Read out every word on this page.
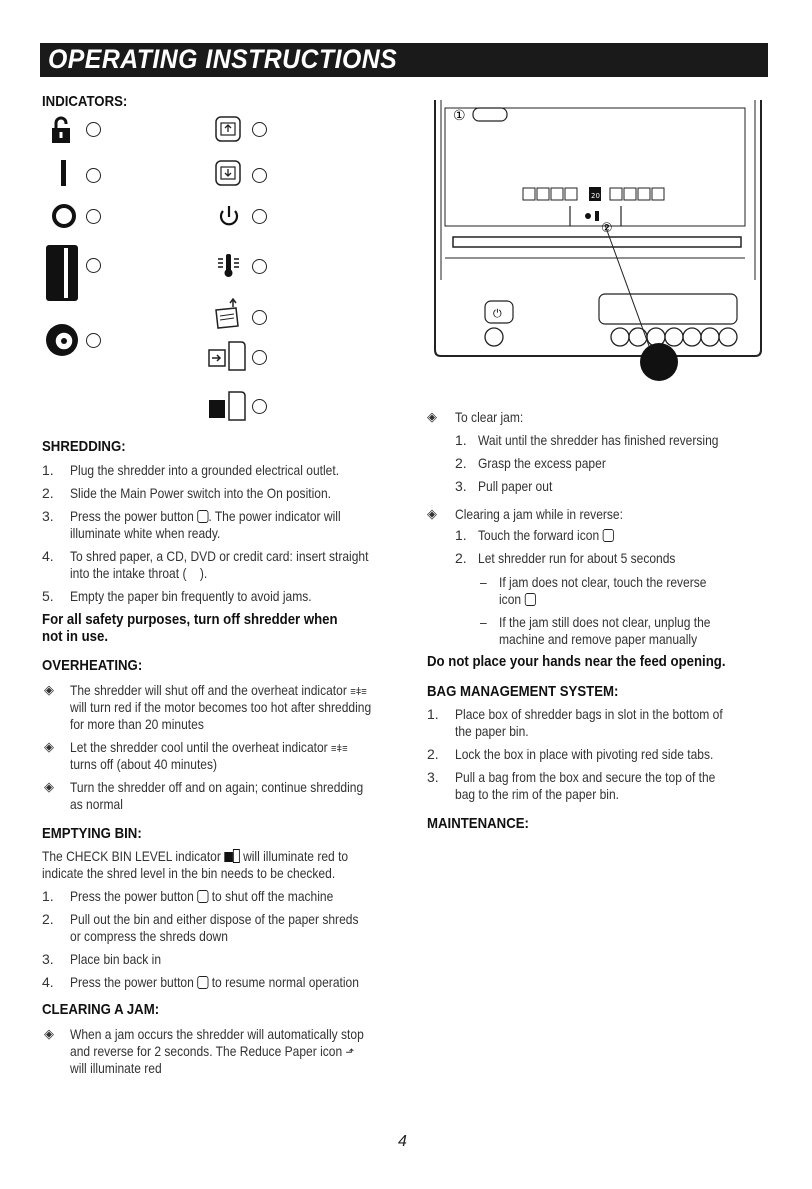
OPERATING INSTRUCTIONS
INDICATORS:
SHREDDING:
1. Plug the shredder into a grounded electrical outlet.
2. Slide the Main Power switch into the On position.
3. Press the power button . The power indicator will
illuminate white when ready.
4. To shred paper, a CD, DVD or credit card: insert straight
into the intake throat ( ).
5. Empty the paper bin frequently to avoid jams.
For all safety purposes, turn off shredder when
not in use.
OVERHEATING:
◈ The shredder will shut off and the overheat indicator ≡ǂ≡
will turn red if the motor becomes too hot after shredding
for more than 20 minutes
◈ Let the shredder cool until the overheat indicator ≡ǂ≡
turns off (about 40 minutes)
◈ Turn the shredder off and on again; continue shredding
as normal
EMPTYING BIN:
The CHECK BIN LEVEL indicator will illuminate red to
indicate the shred level in the bin needs to be checked.
1. Press the power button to shut off the machine
2. Pull out the bin and either dispose of the paper shreds
or compress the shreds down
3. Place bin back in
4. Press the power button to resume normal operation
CLEARING A JAM:
◈ When a jam occurs the shredder will automatically stop
and reverse for 2 seconds. The Reduce Paper icon ⬏
will illuminate red
①
20
②
⏻
◈ To clear jam:
1. Wait until the shredder has finished reversing
2. Grasp the excess paper
3. Pull paper out
◈ Clearing a jam while in reverse:
1. Touch the forward icon
2. Let shredder run for about 5 seconds
– If jam does not clear, touch the reverse
icon
– If the jam still does not clear, unplug the
machine and remove paper manually
Do not place your hands near the feed opening.
BAG MANAGEMENT SYSTEM:
1. Place box of shredder bags in slot in the bottom of
the paper bin.
2. Lock the box in place with pivoting red side tabs.
3. Pull a bag from the box and secure the top of the
bag to the rim of the paper bin.
MAINTENANCE:
4
